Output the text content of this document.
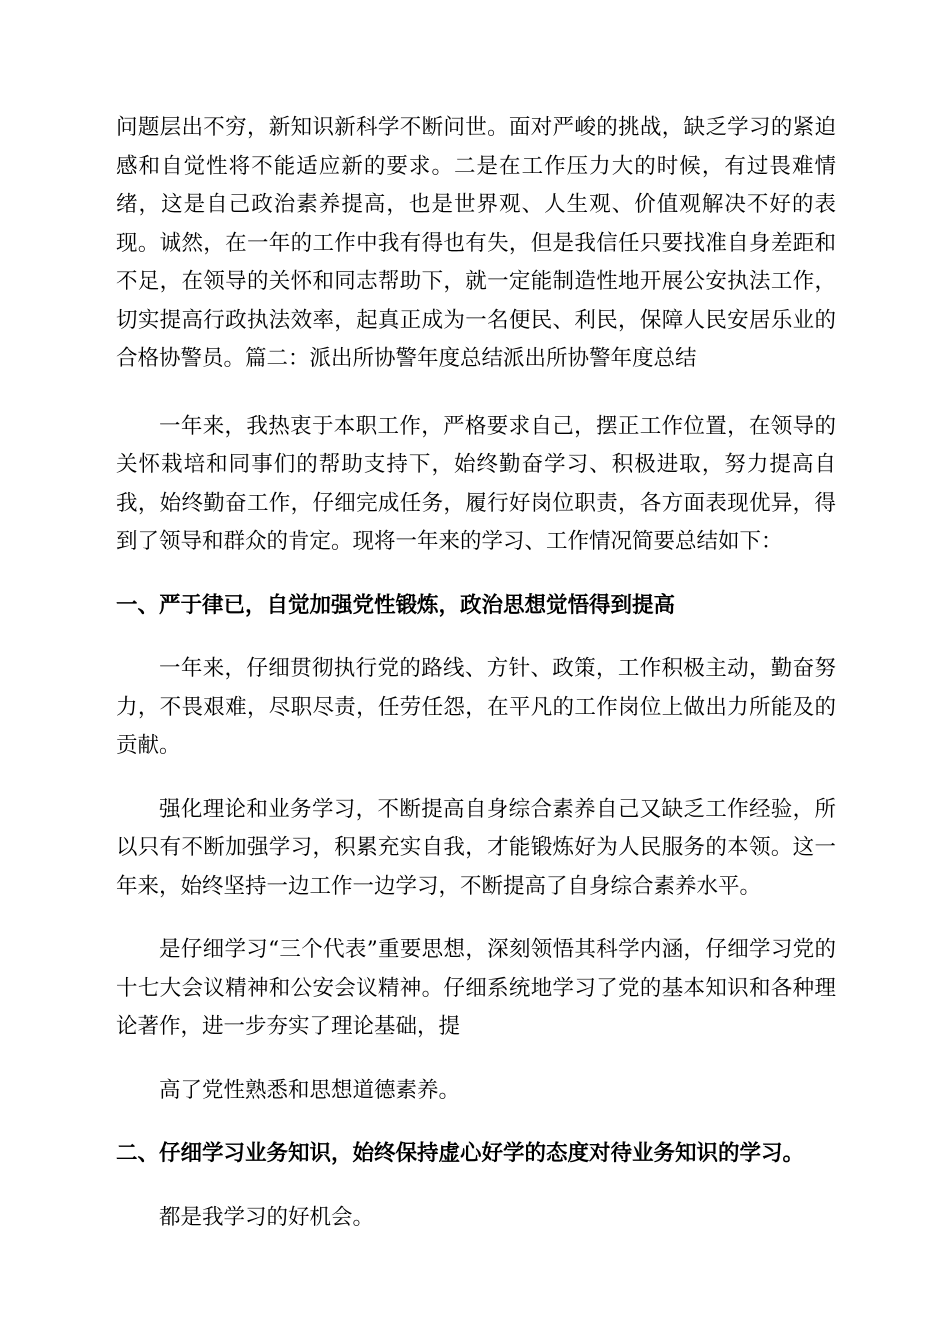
问题层出不穷，新知识新科学不断问世。面对严峻的挑战，缺乏学习的紧迫感和自觉性将不能适应新的要求。二是在工作压力大的时候，有过畏难情绪，这是自己政治素养提高，也是世界观、人生观、价值观解决不好的表现。诚然，在一年的工作中我有得也有失，但是我信任只要找准自身差距和不足，在领导的关怀和同志帮助下，就一定能制造性地开展公安执法工作，切实提高行政执法效率，起真正成为一名便民、利民，保障人民安居乐业的合格协警员。篇二：派出所协警年度总结派出所协警年度总结

一年来，我热衷于本职工作，严格要求自己，摆正工作位置，在领导的关怀栽培和同事们的帮助支持下，始终勤奋学习、积极进取，努力提高自我，始终勤奋工作，仔细完成任务，履行好岗位职责，各方面表现优异，得到了领导和群众的肯定。现将一年来的学习、工作情况简要总结如下：

一、严于律已，自觉加强党性锻炼，政治思想觉悟得到提高

一年来，仔细贯彻执行党的路线、方针、政策，工作积极主动，勤奋努力，不畏艰难，尽职尽责，任劳任怨，在平凡的工作岗位上做出力所能及的贡献。

强化理论和业务学习，不断提高自身综合素养自己又缺乏工作经验，所以只有不断加强学习，积累充实自我，才能锻炼好为人民服务的本领。这一年来，始终坚持一边工作一边学习，不断提高了自身综合素养水平。

是仔细学习“三个代表”重要思想，深刻领悟其科学内涵，仔细学习党的十七大会议精神和公安会议精神。仔细系统地学习了党的基本知识和各种理论著作，进一步夯实了理论基础，提

高了党性熟悉和思想道德素养。

二、仔细学习业务知识，始终保持虚心好学的态度对待业务知识的学习。

都是我学习的好机会。
